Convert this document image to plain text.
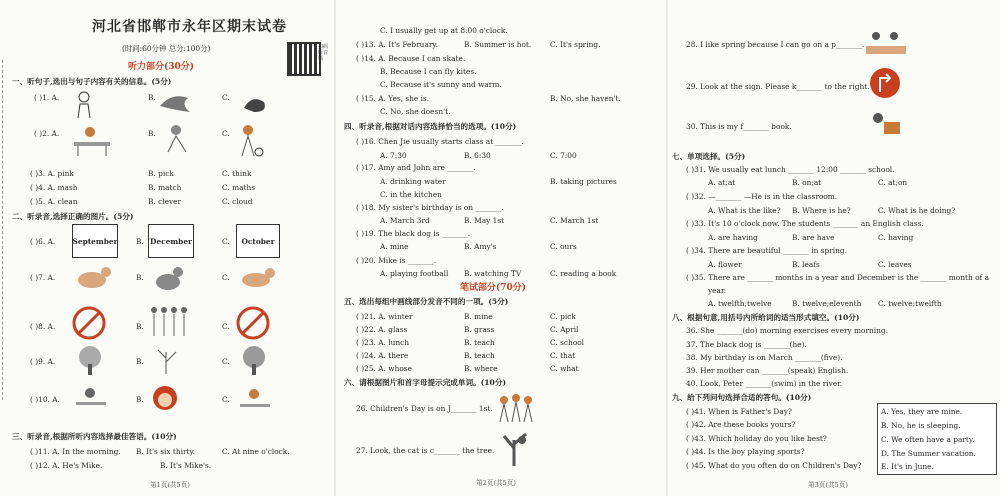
河北省邯郸市永年区期末试卷
(时间:60分钟 总分:100分)	扫码听音频
听力部分(30分)
一、听句子,选出与句子内容有关的信息。(5分)
( )1. A.	B.	C.
( )2. A.	B.	C.
( )3. A. pink	B. pick	C. think
( )4. A. mash	B. match	C. maths
( )5. A. clean	B. clever	C. cloud
二、听录音,选择正确的图片。(5分)
( )6. A. September	B. December	C.	October
( )7. A.	B.	C.
( )8. A.	B.	C.
( )9. A.	B.	C.
( )10. A.	B.	C.
三、听录音,根据所听内容选择最佳答语。(10分)
( )11. A. In the morning. B. It's six thirty.	C. At nine o'clock.
( )12. A. He's Mike.	B. It's Mike's.
第1页(共5页)
C. I usually get up at 8:00 o'clock.
( )13. A. It's February.	B. Summer is hot.	C. It's spring.
( )14. A. Because I can skate.
B. Because I can fly kites.
C. Because it's sunny and warm.
( )15. A. Yes, she is.	B. No, she haven't.
C. No, she doesn't.
四、听录音,根据对话内容选择恰当的选项。(10分)
( )16. Chen Jie usually starts class at _______.
A. 7:30	B. 6:30	C. 7:00
( )17. Amy and John are _______.
A. drinking water	B. taking pictures
C. in the kitchen
( )18. My sister's birthday is on _______.
A. March 3rd	B. May 1st	C. March 1st
( )19. The black dog is _______.
A. mine	B. Amy's	C. ours
( )20. Mike is _______.
A. playing football B. watching TV	C. reading a book
笔试部分(70分)
五、选出每组中画线部分发音不同的一项。(5分)
( )21. A. winter	B. mine	C. pick
( )22. A. glass	B. grass	C. April
( )23. A. lunch	B. teach	C. school
( )24. A. there	B. teach	C. that
( )25. A. whose	B. where	C. what
六、请根据图片和首字母提示完成单词。(10分)
26. Children's Day is on J_______ 1st.
27. Look, the cat is c_______ the tree.
第2页(共5页)
28. I like spring because I can go on a p_______.
29. Look at the sign. Please k_______ to the right.
30. This is my f_______ book.
七、单项选择。(5分)
( )31. We usually eat lunch _______ 12:00 _______ school.
A. at;at	B. on;at	C. at;on
( )32. —_______ —He is in the classroom.
A. What is the like? B. Where is he?	C. What is he doing?
( )33. It's 10 o'clock now. The students _______ an English class.
A. are having	B. are have	C. having
( )34. There are beautiful _______ in spring.
A. flower	B. leafs	C. leaves
( )35. There are _______ months in a year and December is the _______ month of a
year.
A. twelfth;twelve	B. twelve;eleventh C. twelve;twelfth
八、根据句意,用括号内所给词的适当形式填空。(10分)
36. She _______(do) morning exercises every morning.
37. The black dog is _______(he).
38. My birthday is on March _______(five).
39. Her mother can _______(speak) English.
40. Look, Peter _______(swim) in the river.
九、给下列问句选择合适的答句。(10分)
( )41. When is Father's Day?
( )42. Are these books yours?
( )43. Which holiday do you like best?
( )44. Is the boy playing sports?
( )45. What do you often do on Children's Day?
A. Yes, they are mine.
B. No, he is sleeping.
C. We often have a party.
D. The Summer vacation.
E. It's in June.
第3页(共5页)
